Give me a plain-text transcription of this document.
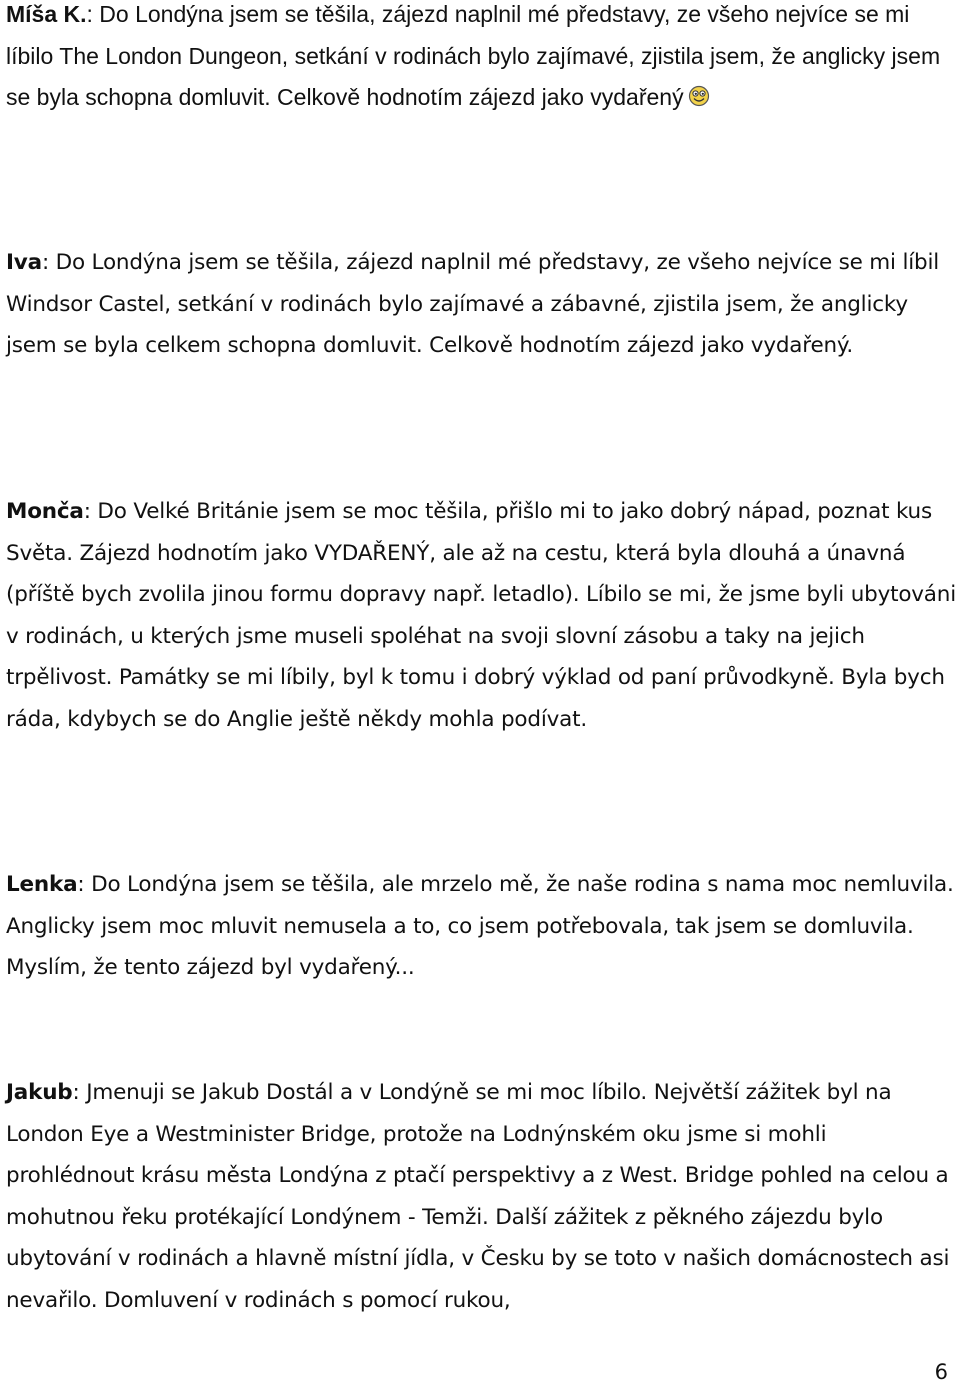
Míša K.: Do Londýna jsem se těšila, zájezd naplnil mé představy, ze všeho nejvíce se mi líbilo The London Dungeon, setkání v rodinách bylo zajímavé, zjistila jsem, že anglicky jsem se byla schopna domluvit. Celkově hodnotím zájezd jako vydařený

Iva: Do Londýna jsem se těšila, zájezd naplnil mé představy, ze všeho nejvíce se mi líbil Windsor Castel, setkání v rodinách bylo zajímavé a zábavné, zjistila jsem, že anglicky jsem se byla celkem schopna domluvit. Celkově hodnotím zájezd jako vydařený.

Monča: Do Velké Británie jsem se moc těšila, přišlo mi to jako dobrý nápad, poznat kus Světa. Zájezd hodnotím jako VYDAŘENÝ, ale až na cestu, která byla dlouhá a únavná (příště bych zvolila jinou formu dopravy např. letadlo). Líbilo se mi, že jsme byli ubytováni v rodinách, u kterých jsme museli spoléhat na svoji slovní zásobu a taky na jejich trpělivost. Památky se mi líbily, byl k tomu i dobrý výklad od paní průvodkyně. Byla bych ráda, kdybych se do Anglie ještě někdy mohla podívat.

Lenka: Do Londýna jsem se těšila, ale mrzelo mě, že naše rodina s nama moc nemluvila. Anglicky jsem moc mluvit nemusela a to, co jsem potřebovala, tak jsem se domluvila. Myslím, že tento zájezd byl vydařený...

Jakub: Jmenuji se Jakub Dostál a v Londýně se mi moc líbilo. Největší zážitek byl na London Eye a Westminister Bridge, protože na Lodnýnském oku jsme si mohli prohlédnout krásu města Londýna z ptačí perspektivy a z West. Bridge pohled na celou a mohutnou řeku protékající Londýnem - Temži. Další zážitek z pěkného zájezdu bylo ubytování v rodinách a hlavně místní jídla, v Česku by se toto v našich domácnostech asi nevařilo. Domluvení v rodinách s pomocí rukou,

6
